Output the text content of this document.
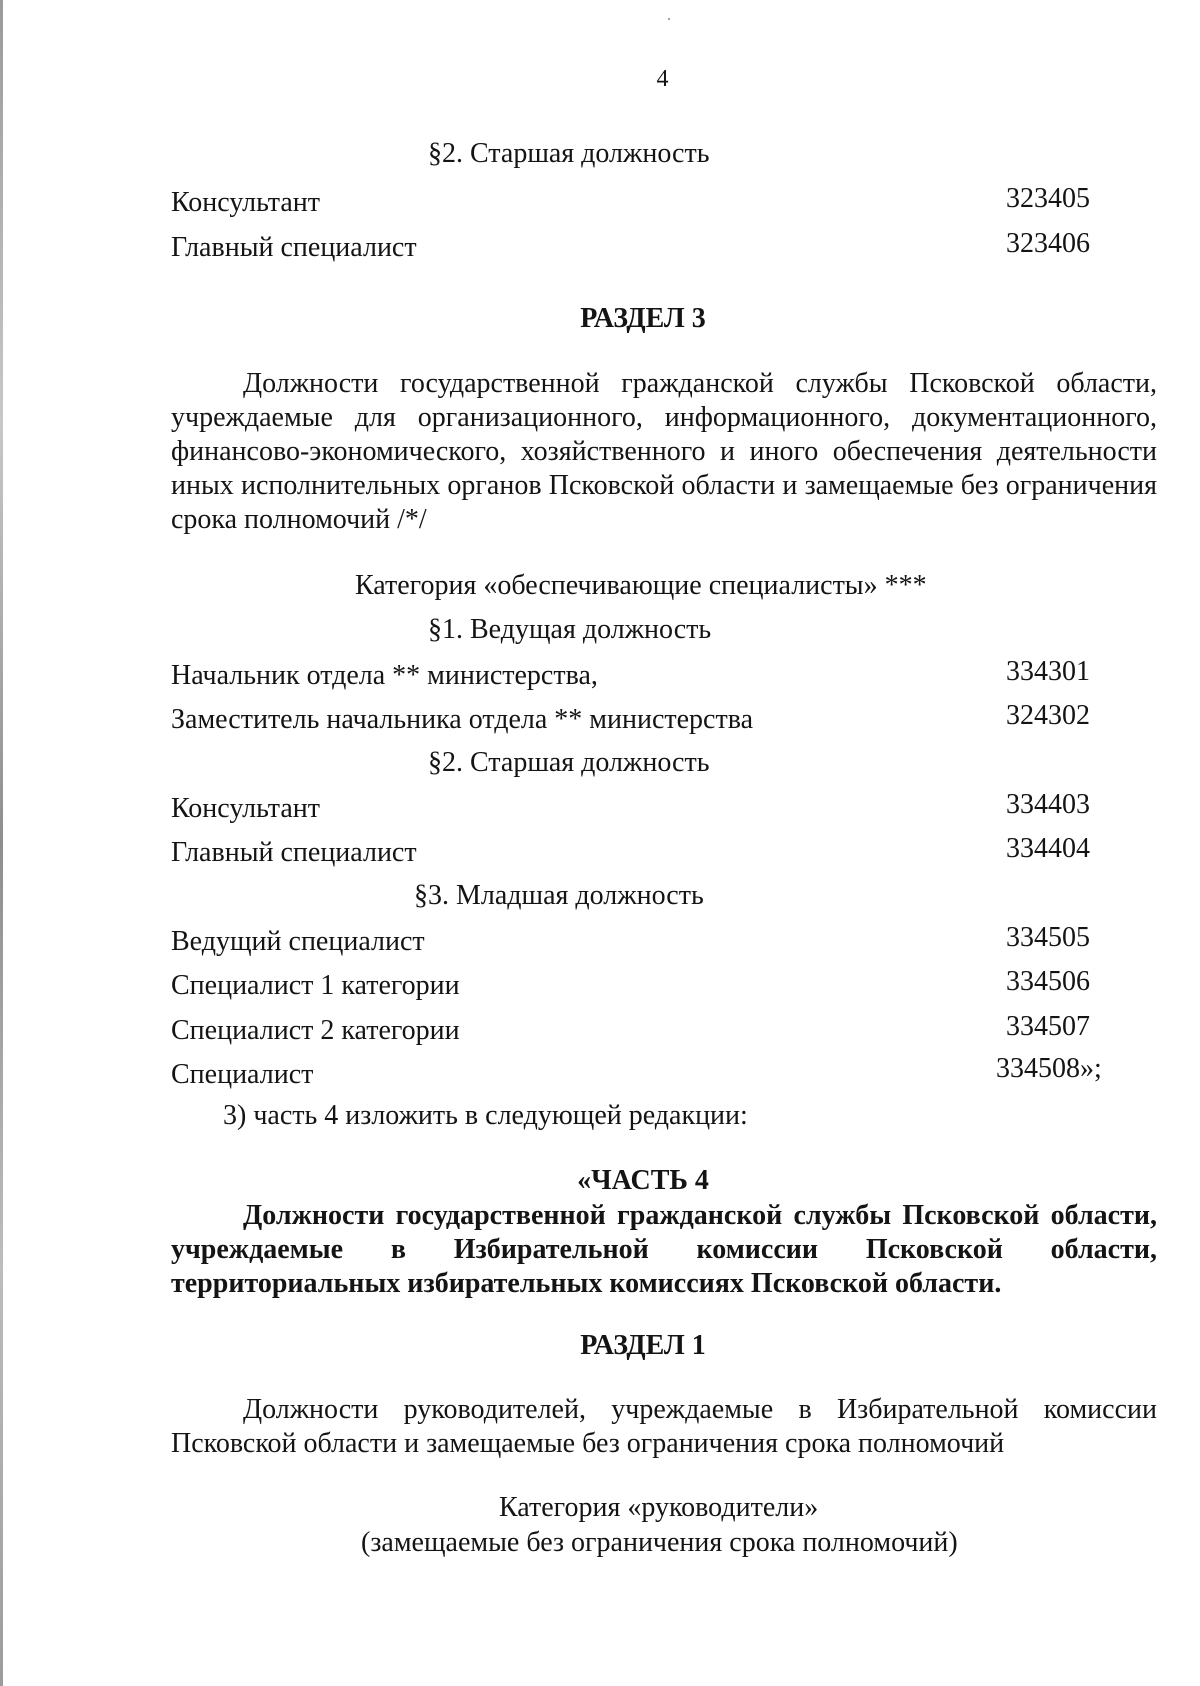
4
§2. Старшая должность
Консультант	323405
Главный специалист	323406
РАЗДЕЛ 3

Должности государственной гражданской службы Псковской области, учреждаемые для организационного, информационного, документационного, финансово-экономического, хозяйственного и иного обеспечения деятельности иных исполнительных органов Псковской области и замещаемые без ограничения срока полномочий /*/

Категория «обеспечивающие специалисты» ***
§1. Ведущая должность
Начальник отдела ** министерства,	334301
Заместитель начальника отдела ** министерства	324302
§2. Старшая должность
Консультант	334403
Главный специалист	334404
§3. Младшая должность
Ведущий специалист	334505
Специалист 1 категории	334506
Специалист 2 категории	334507
Специалист	334508»;
3) часть 4 изложить в следующей редакции:
«ЧАСТЬ 4

Должности государственной гражданской службы Псковской области, учреждаемые в Избирательной комиссии Псковской области, территориальных избирательных комиссиях Псковской области.

РАЗДЕЛ 1

Должности руководителей, учреждаемые в Избирательной комиссии Псковской области и замещаемые без ограничения срока полномочий

Категория «руководители»
(замещаемые без ограничения срока полномочий)
